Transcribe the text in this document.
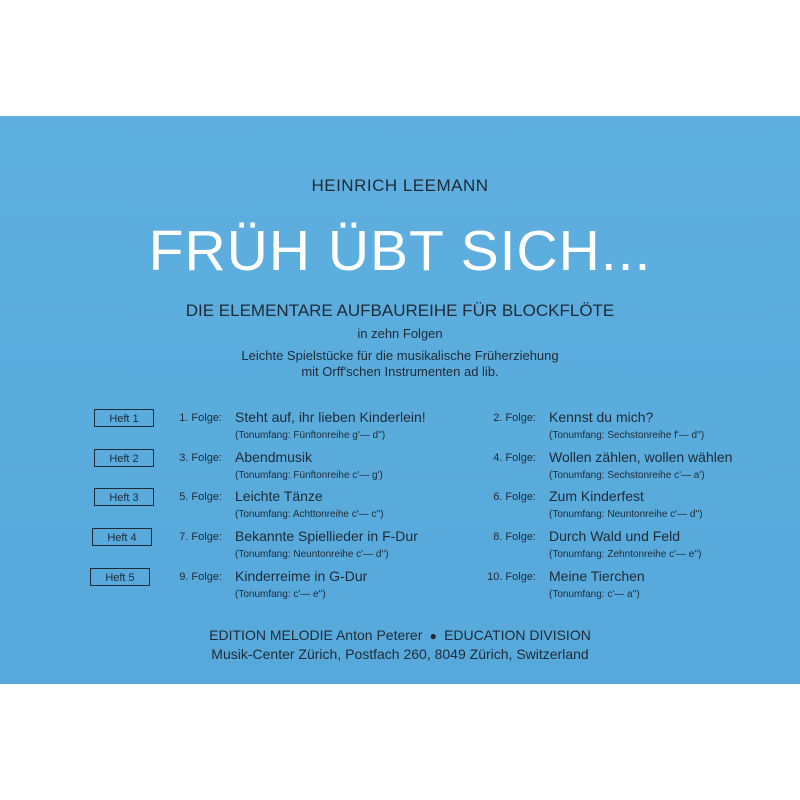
HEINRICH LEEMANN
FRÜH ÜBT SICH...
DIE ELEMENTARE AUFBAUREIHE FÜR BLOCKFLÖTE
in zehn Folgen
Leichte Spielstücke für die musikalische Früherziehung
mit Orff'schen Instrumenten ad lib.
Heft 1	1. Folge: Steht auf, ihr lieben Kinderlein!
(Tonumfang: Fünftonreihe g'— d'')
2. Folge: Kennst du mich?
(Tonumfang: Sechstonreihe f'— d'')
Heft 2	3. Folge: Abendmusik
(Tonumfang: Fünftonreihe c'— g')
4. Folge: Wollen zählen, wollen wählen
(Tonumfang: Sechstonreihe c'— a')
Heft 3	5. Folge: Leichte Tänze
(Tonumfang: Achttonreihe c'— c'')
6. Folge: Zum Kinderfest
(Tonumfang: Neuntonreihe c'— d'')
Heft 4	7. Folge: Bekannte Spiellieder in F-Dur
(Tonumfang: Neuntonreihe c'— d'')
8. Folge: Durch Wald und Feld
(Tonumfang: Zehntonreihe c'— e'')
Heft 5	9. Folge: Kinderreime in G-Dur
(Tonumfang: c'— e'')
10. Folge: Meine Tierchen
(Tonumfang: c'— a'')
EDITION MELODIE Anton Peterer  ●  EDUCATION DIVISION
Musik-Center Zürich, Postfach 260, 8049 Zürich, Switzerland
